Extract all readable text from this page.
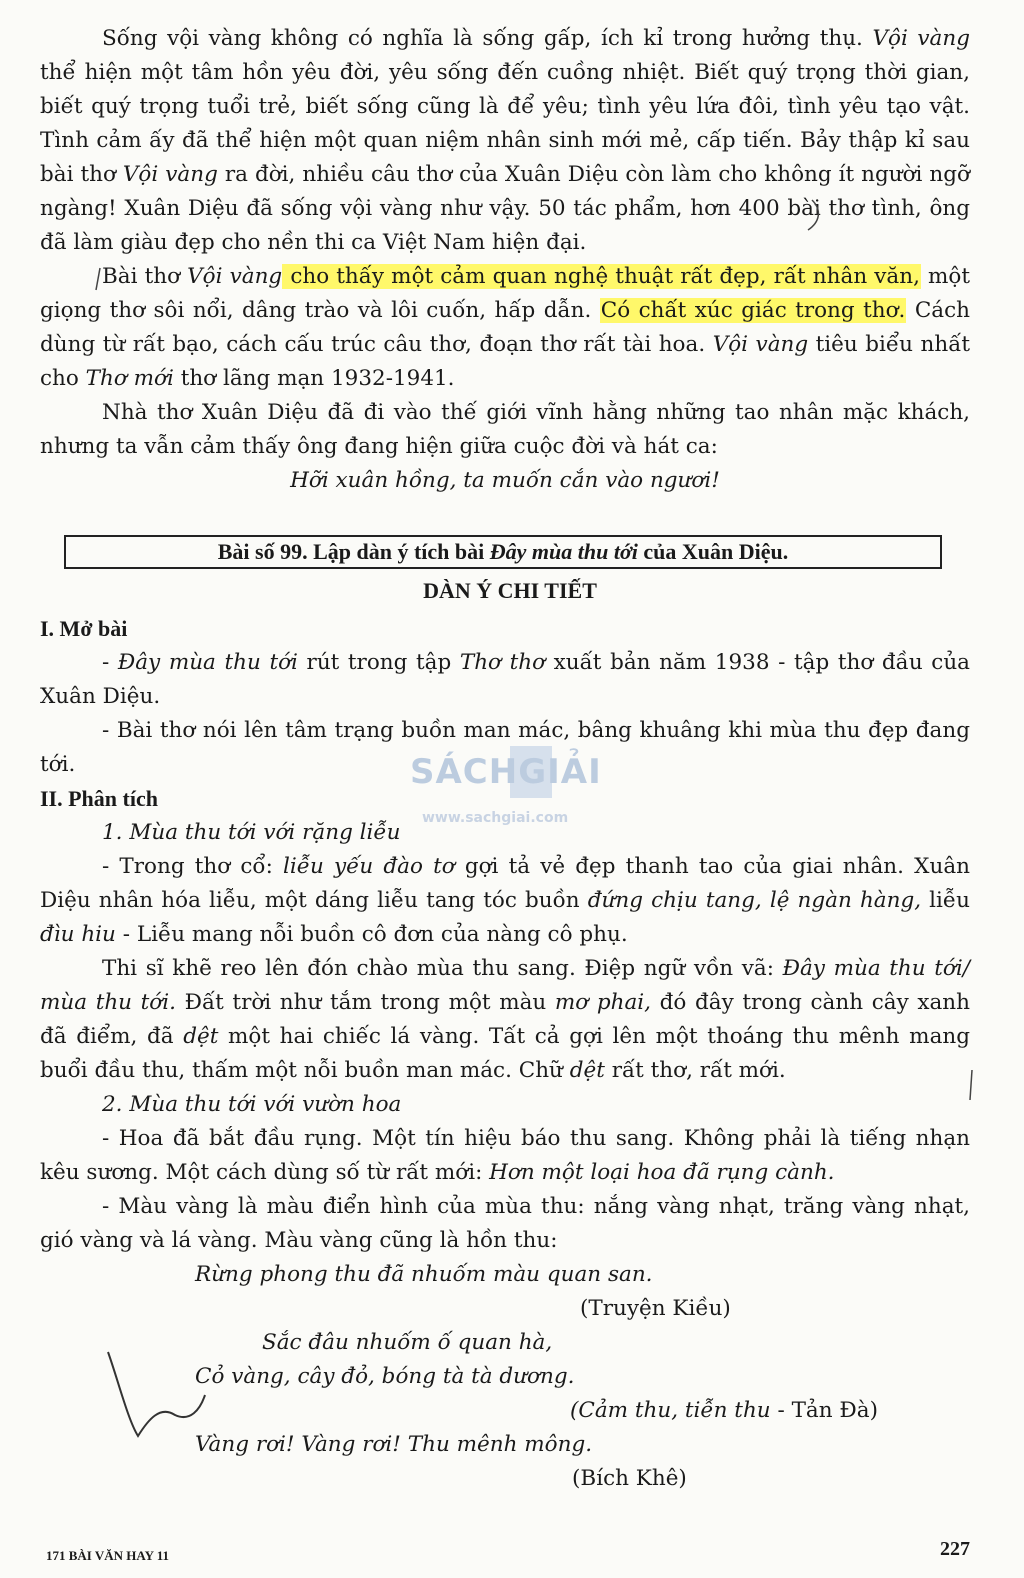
Sống vội vàng không có nghĩa là sống gấp, ích kỉ trong hưởng thụ. Vội vàng thể hiện một tâm hồn yêu đời, yêu sống đến cuồng nhiệt. Biết quý trọng thời gian, biết quý trọng tuổi trẻ, biết sống cũng là để yêu; tình yêu lứa đôi, tình yêu tạo vật. Tình cảm ấy đã thể hiện một quan niệm nhân sinh mới mẻ, cấp tiến. Bảy thập kỉ sau bài thơ Vội vàng ra đời, nhiều câu thơ của Xuân Diệu còn làm cho không ít người ngỡ ngàng! Xuân Diệu đã sống vội vàng như vậy. 50 tác phẩm, hơn 400 bài thơ tình, ông đã làm giàu đẹp cho nền thi ca Việt Nam hiện đại.

Bài thơ Vội vàng cho thấy một cảm quan nghệ thuật rất đẹp, rất nhân văn, một giọng thơ sôi nổi, dâng trào và lôi cuốn, hấp dẫn. Có chất xúc giác trong thơ. Cách dùng từ rất bạo, cách cấu trúc câu thơ, đoạn thơ rất tài hoa. Vội vàng tiêu biểu nhất cho Thơ mới thơ lãng mạn 1932-1941.

Nhà thơ Xuân Diệu đã đi vào thế giới vĩnh hằng những tao nhân mặc khách, nhưng ta vẫn cảm thấy ông đang hiện giữa cuộc đời và hát ca:

Hỡi xuân hồng, ta muốn cắn vào ngươi!

Bài số 99. Lập dàn ý tích bài Đây mùa thu tới của Xuân Diệu.
DÀN Ý CHI TIẾT

I. Mở bài

- Đây mùa thu tới rút trong tập Thơ thơ xuất bản năm 1938 - tập thơ đầu của Xuân Diệu.

- Bài thơ nói lên tâm trạng buồn man mác, bâng khuâng khi mùa thu đẹp đang tới.

II. Phân tích

1. Mùa thu tới với rặng liễu

- Trong thơ cổ: liễu yếu đào tơ gợi tả vẻ đẹp thanh tao của giai nhân. Xuân Diệu nhân hóa liễu, một dáng liễu tang tóc buồn đứng chịu tang, lệ ngàn hàng, liễu đìu hiu - Liễu mang nỗi buồn cô đơn của nàng cô phụ.

Thi sĩ khẽ reo lên đón chào mùa thu sang. Điệp ngữ vồn vã: Đây mùa thu tới/ mùa thu tới. Đất trời như tắm trong một màu mơ phai, đó đây trong cành cây xanh đã điểm, đã dệt một hai chiếc lá vàng. Tất cả gợi lên một thoáng thu mênh mang buổi đầu thu, thấm một nỗi buồn man mác. Chữ dệt rất thơ, rất mới.

2. Mùa thu tới với vườn hoa

- Hoa đã bắt đầu rụng. Một tín hiệu báo thu sang. Không phải là tiếng nhạn kêu sương. Một cách dùng số từ rất mới: Hơn một loại hoa đã rụng cành.

- Màu vàng là màu điển hình của mùa thu: nắng vàng nhạt, trăng vàng nhạt, gió vàng và lá vàng. Màu vàng cũng là hồn thu:

Rừng phong thu đã nhuốm màu quan san.

(Truyện Kiều)

Sắc đâu nhuốm ố quan hà,

Cỏ vàng, cây đỏ, bóng tà tà dương.

(Cảm thu, tiễn thu - Tản Đà)

Vàng rơi! Vàng rơi! Thu mênh mông.

(Bích Khê)

SÁCHGIẢI
www.sachgiai.com
171 BÀI VĂN HAY 11	227
